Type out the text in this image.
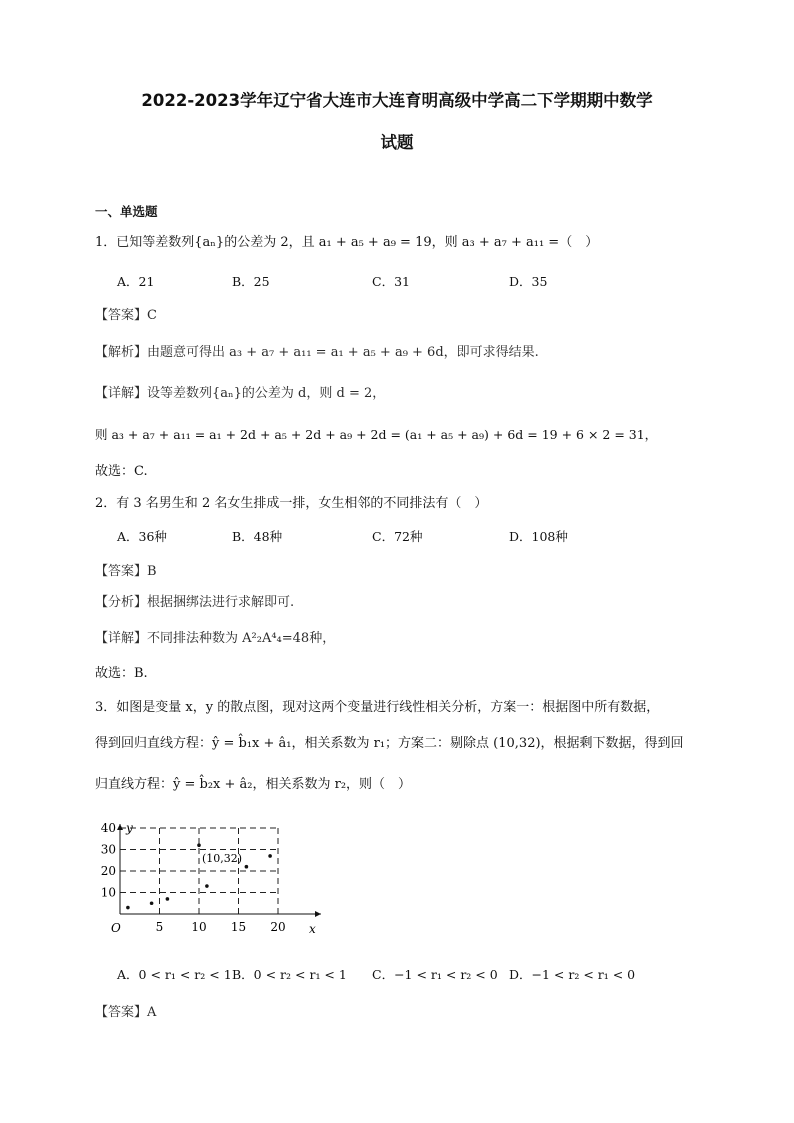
2022-2023学年辽宁省大连市大连育明高级中学高二下学期期中数学
试题
一、单选题
1．已知等差数列{aₙ}的公差为 2，且 a₁ + a₅ + a₉ = 19，则 a₃ + a₇ + a₁₁ =（　）
A．21	B．25	C．31	D．35
【答案】C
【解析】由题意可得出 a₃ + a₇ + a₁₁ = a₁ + a₅ + a₉ + 6d，即可求得结果.
【详解】设等差数列{aₙ}的公差为 d，则 d = 2，
则 a₃ + a₇ + a₁₁ = a₁ + 2d + a₅ + 2d + a₉ + 2d = (a₁ + a₅ + a₉) + 6d = 19 + 6 × 2 = 31，
故选：C.
2．有 3 名男生和 2 名女生排成一排，女生相邻的不同排法有（　）
A．36种	B．48种	C．72种	D．108种
【答案】B
【分析】根据捆绑法进行求解即可.
【详解】不同排法种数为 A²₂A⁴₄=48种，
故选：B.
3．如图是变量 x，y 的散点图，现对这两个变量进行线性相关分析，方案一：根据图中所有数据，
得到回归直线方程：ŷ = b̂₁x + â₁，相关系数为 r₁；方案二：剔除点 (10,32)，根据剩下数据，得到回
归直线方程：ŷ = b̂₂x + â₂，相关系数为 r₂，则（　）
y
x
O
10
20
30
40
5 10 15 20
(10,32)
A．0 < r₁ < r₂ < 1 B．0 < r₂ < r₁ < 1 C．−1 < r₁ < r₂ < 0 D．−1 < r₂ < r₁ < 0
【答案】A
